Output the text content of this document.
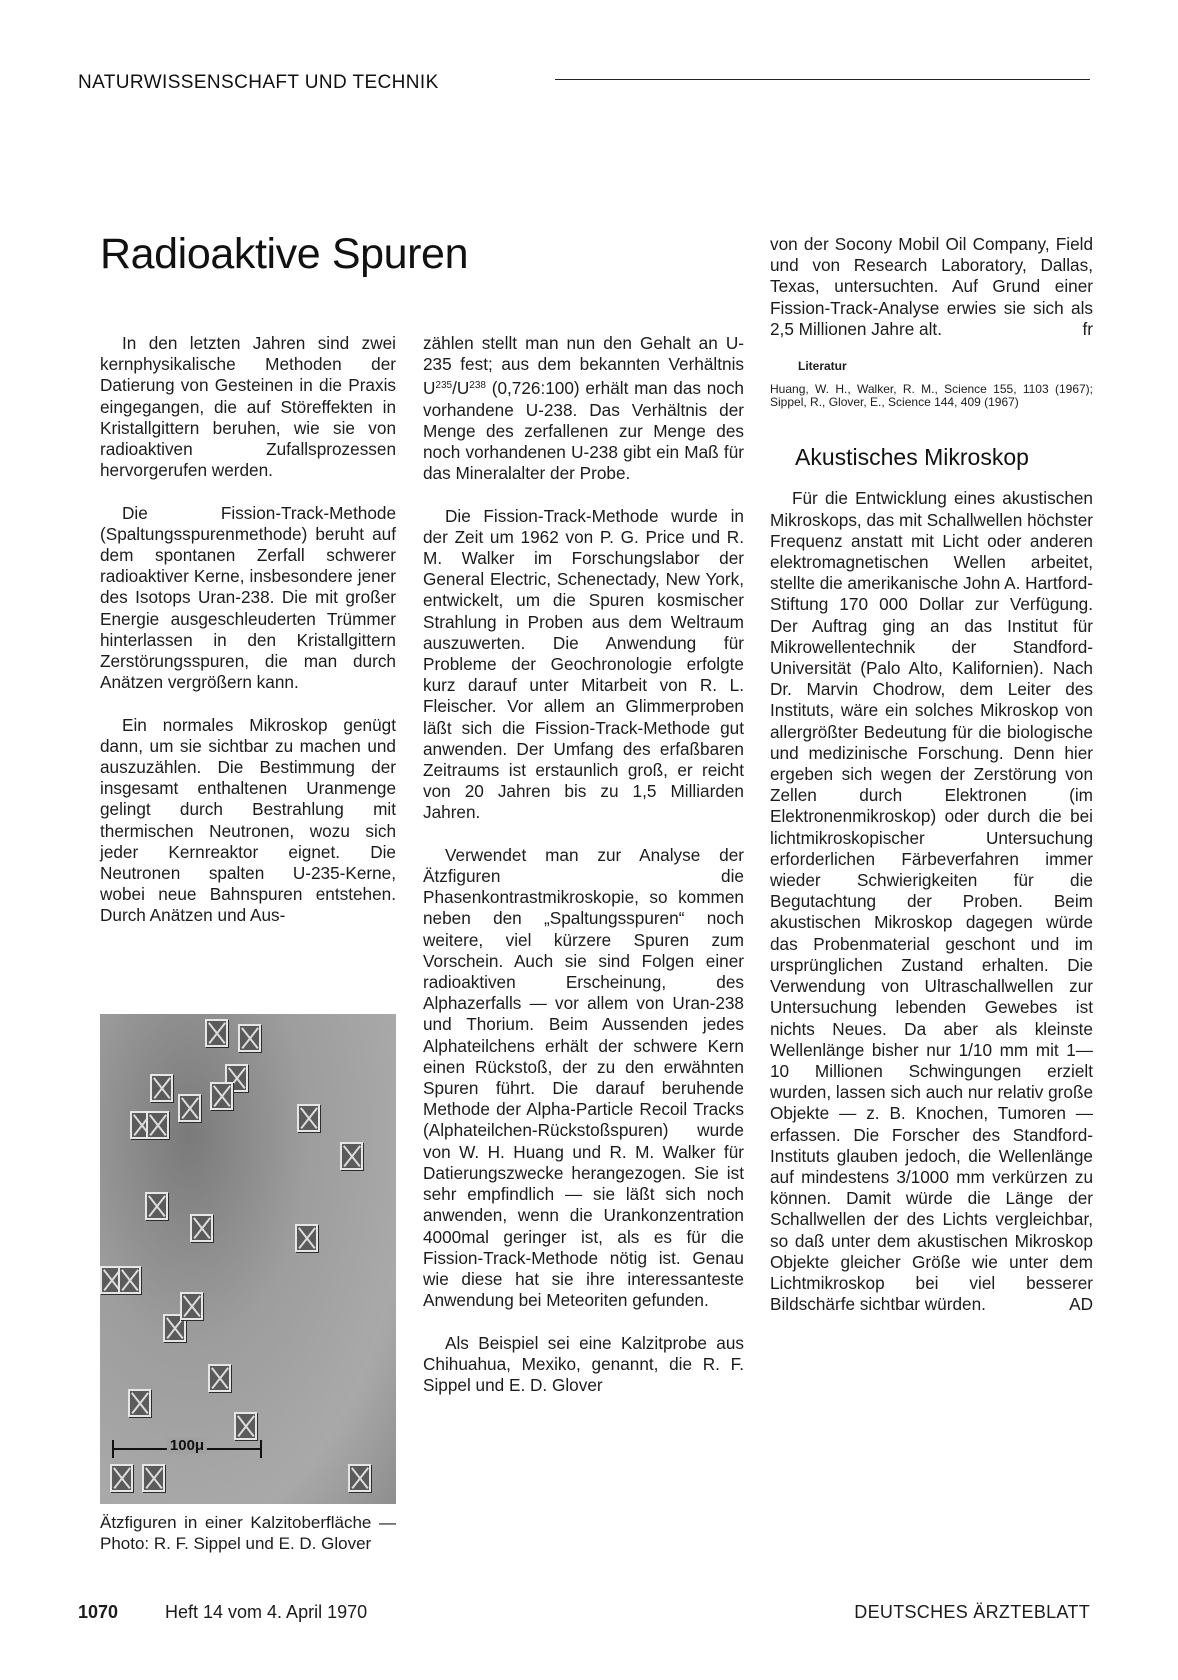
NATURWISSENSCHAFT UND TECHNIK
Radioaktive Spuren

In den letzten Jahren sind zwei kernphysikalische Methoden der Datierung von Gesteinen in die Praxis eingegangen, die auf Störeffekten in Kristallgittern beruhen, wie sie von radioaktiven Zufallsprozessen hervorgerufen werden.

Die Fission-Track-Methode (Spaltungsspurenmethode) beruht auf dem spontanen Zerfall schwerer radioaktiver Kerne, insbesondere jener des Isotops Uran-238. Die mit großer Energie ausgeschleuderten Trümmer hinterlassen in den Kristallgittern Zerstörungsspuren, die man durch Anätzen vergrößern kann.

Ein normales Mikroskop genügt dann, um sie sichtbar zu machen und auszuzählen. Die Bestimmung der insgesamt enthaltenen Uranmenge gelingt durch Bestrahlung mit thermischen Neutronen, wozu sich jeder Kernreaktor eignet. Die Neutronen spalten U-235-Kerne, wobei neue Bahnspuren entstehen. Durch Anätzen und Aus-

100μ
Ätzfiguren in einer Kalzitoberfläche — Photo: R. F. Sippel und E. D. Glover

zählen stellt man nun den Gehalt an U-235 fest; aus dem bekannten Verhältnis $U^{235}/U^{238}$ (0,726:100) erhält man das noch vorhandene U-238. Das Verhältnis der Menge des zerfallenen zur Menge des noch vorhandenen U-238 gibt ein Maß für das Mineralalter der Probe.

Die Fission-Track-Methode wurde in der Zeit um 1962 von P. G. Price und R. M. Walker im Forschungslabor der General Electric, Schenectady, New York, entwickelt, um die Spuren kosmischer Strahlung in Proben aus dem Weltraum auszuwerten. Die Anwendung für Probleme der Geochronologie erfolgte kurz darauf unter Mitarbeit von R. L. Fleischer. Vor allem an Glimmerproben läßt sich die Fission-Track-Methode gut anwenden. Der Umfang des erfaßbaren Zeitraums ist erstaunlich groß, er reicht von 20 Jahren bis zu 1,5 Milliarden Jahren.

Verwendet man zur Analyse der Ätzfiguren die Phasenkontrastmikroskopie, so kommen neben den „Spaltungsspuren“ noch weitere, viel kürzere Spuren zum Vorschein. Auch sie sind Folgen einer radioaktiven Erscheinung, des Alphazerfalls — vor allem von Uran-238 und Thorium. Beim Aussenden jedes Alphateilchens erhält der schwere Kern einen Rückstoß, der zu den erwähnten Spuren führt. Die darauf beruhende Methode der Alpha-Particle Recoil Tracks (Alphateilchen-Rückstoßspuren) wurde von W. H. Huang und R. M. Walker für Datierungszwecke herangezogen. Sie ist sehr empfindlich — sie läßt sich noch anwenden, wenn die Urankonzentration 4000mal geringer ist, als es für die Fission-Track-Methode nötig ist. Genau wie diese hat sie ihre interessanteste Anwendung bei Meteoriten gefunden.

Als Beispiel sei eine Kalzitprobe aus Chihuahua, Mexiko, genannt, die R. F. Sippel und E. D. Glover

von der Socony Mobil Oil Company, Field und von Research Laboratory, Dallas, Texas, untersuchten. Auf Grund einer Fission-Track-Analyse erwies sie sich als 2,5 Millionen Jahre alt.	fr

Literatur
Huang, W. H., Walker, R. M., Science 155, 1103 (1967); Sippel, R., Glover, E., Science 144, 409 (1967)
Akustisches Mikroskop

Für die Entwicklung eines akustischen Mikroskops, das mit Schallwellen höchster Frequenz anstatt mit Licht oder anderen elektromagnetischen Wellen arbeitet, stellte die amerikanische John A. Hartford-Stiftung 170 000 Dollar zur Verfügung. Der Auftrag ging an das Institut für Mikrowellentechnik der Standford-Universität (Palo Alto, Kalifornien). Nach Dr. Marvin Chodrow, dem Leiter des Instituts, wäre ein solches Mikroskop von allergrößter Bedeutung für die biologische und medizinische Forschung. Denn hier ergeben sich wegen der Zerstörung von Zellen durch Elektronen (im Elektronenmikroskop) oder durch die bei lichtmikroskopischer Untersuchung erforderlichen Färbeverfahren immer wieder Schwierigkeiten für die Begutachtung der Proben. Beim akustischen Mikroskop dagegen würde das Probenmaterial geschont und im ursprünglichen Zustand erhalten. Die Verwendung von Ultraschallwellen zur Untersuchung lebenden Gewebes ist nichts Neues. Da aber als kleinste Wellenlänge bisher nur 1/10 mm mit 1—10 Millionen Schwingungen erzielt wurden, lassen sich auch nur relativ große Objekte — z. B. Knochen, Tumoren — erfassen. Die Forscher des Standford-Instituts glauben jedoch, die Wellenlänge auf mindestens 3/1000 mm verkürzen zu können. Damit würde die Länge der Schallwellen der des Lichts vergleichbar, so daß unter dem akustischen Mikroskop Objekte gleicher Größe wie unter dem Lichtmikroskop bei viel besserer Bildschärfe sichtbar würden.	AD

1070	Heft 14 vom 4. April 1970	DEUTSCHES ÄRZTEBLATT
